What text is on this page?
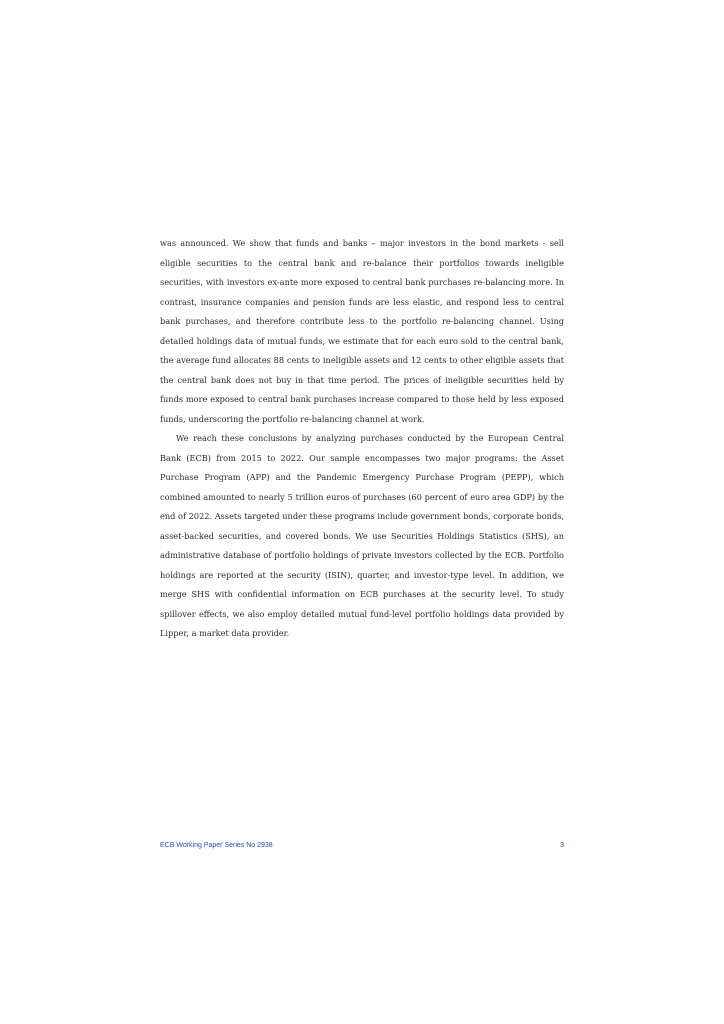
was announced. We show that funds and banks – major investors in the bond markets - sell eligible securities to the central bank and re-balance their portfolios towards ineligible securities, with investors ex-ante more exposed to central bank purchases re-balancing more. In contrast, insurance companies and pension funds are less elastic, and respond less to central bank purchases, and therefore contribute less to the portfolio re-balancing channel. Using detailed holdings data of mutual funds, we estimate that for each euro sold to the central bank, the average fund allocates 88 cents to ineligible assets and 12 cents to other eligible assets that the central bank does not buy in that time period. The prices of ineligible securities held by funds more exposed to central bank purchases increase compared to those held by less exposed funds, underscoring the portfolio re-balancing channel at work.

We reach these conclusions by analyzing purchases conducted by the European Central Bank (ECB) from 2015 to 2022. Our sample encompasses two major programs: the Asset Purchase Program (APP) and the Pandemic Emergency Purchase Program (PEPP), which combined amounted to nearly 5 trillion euros of purchases (60 percent of euro area GDP) by the end of 2022. Assets targeted under these programs include government bonds, corporate bonds, asset-backed securities, and covered bonds. We use Securities Holdings Statistics (SHS), an administrative database of portfolio holdings of private investors collected by the ECB. Portfolio holdings are reported at the security (ISIN), quarter, and investor-type level. In addition, we merge SHS with confidential information on ECB purchases at the security level. To study spillover effects, we also employ detailed mutual fund-level portfolio holdings data provided by Lipper, a market data provider.

ECB Working Paper Series No 2938	3
